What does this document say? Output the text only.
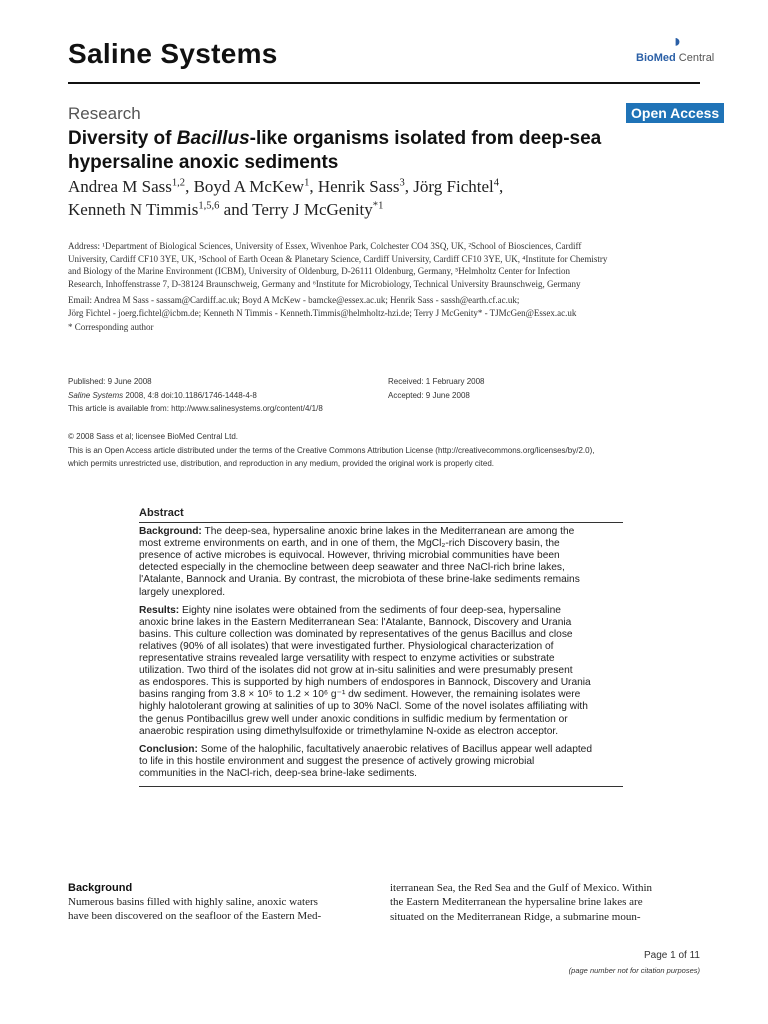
Saline Systems	◗
BioMed Central
Research	Open Access
Diversity of Bacillus-like organisms isolated from deep-sea
hypersaline anoxic sediments
Andrea M Sass$^{1,2}$, Boyd A McKew$^1$, Henrik Sass$^3$, Jörg Fichtel$^4$,
Kenneth N Timmis$^{1,5,6}$ and Terry J McGenity$^{*1}$
Address: ¹Department of Biological Sciences, University of Essex, Wivenhoe Park, Colchester CO4 3SQ, UK, ²School of Biosciences, Cardiff
University, Cardiff CF10 3YE, UK, ³School of Earth Ocean & Planetary Science, Cardiff University, Cardiff CF10 3YE, UK, ⁴Institute for Chemistry
and Biology of the Marine Environment (ICBM), University of Oldenburg, D-26111 Oldenburg, Germany, ⁵Helmholtz Center for Infection
Research, Inhoffenstrasse 7, D-38124 Braunschweig, Germany and ⁶Institute for Microbiology, Technical University Braunschweig, Germany
Email: Andrea M Sass - sassam@Cardiff.ac.uk; Boyd A McKew - bamcke@essex.ac.uk; Henrik Sass - sassh@earth.cf.ac.uk;
Jörg Fichtel - joerg.fichtel@icbm.de; Kenneth N Timmis - Kenneth.Timmis@helmholtz-hzi.de; Terry J McGenity* - TJMcGen@Essex.ac.uk
* Corresponding author
Published: 9 June 2008
Saline Systems 2008, 4:8 doi:10.1186/1746-1448-4-8
This article is available from: http://www.salinesystems.org/content/4/1/8
Received: 1 February 2008
Accepted: 9 June 2008
© 2008 Sass et al; licensee BioMed Central Ltd.
This is an Open Access article distributed under the terms of the Creative Commons Attribution License (http://creativecommons.org/licenses/by/2.0),
which permits unrestricted use, distribution, and reproduction in any medium, provided the original work is properly cited.
Abstract
Background: The deep-sea, hypersaline anoxic brine lakes in the Mediterranean are among the
most extreme environments on earth, and in one of them, the MgCl₂-rich Discovery basin, the
presence of active microbes is equivocal. However, thriving microbial communities have been
detected especially in the chemocline between deep seawater and three NaCl-rich brine lakes,
l'Atalante, Bannock and Urania. By contrast, the microbiota of these brine-lake sediments remains
largely unexplored.
Results: Eighty nine isolates were obtained from the sediments of four deep-sea, hypersaline
anoxic brine lakes in the Eastern Mediterranean Sea: l'Atalante, Bannock, Discovery and Urania
basins. This culture collection was dominated by representatives of the genus Bacillus and close
relatives (90% of all isolates) that were investigated further. Physiological characterization of
representative strains revealed large versatility with respect to enzyme activities or substrate
utilization. Two third of the isolates did not grow at in-situ salinities and were presumably present
as endospores. This is supported by high numbers of endospores in Bannock, Discovery and Urania
basins ranging from 3.8 × 10⁵ to 1.2 × 10⁶ g⁻¹ dw sediment. However, the remaining isolates were
highly halotolerant growing at salinities of up to 30% NaCl. Some of the novel isolates affiliating with
the genus Pontibacillus grew well under anoxic conditions in sulfidic medium by fermentation or
anaerobic respiration using dimethylsulfoxide or trimethylamine N-oxide as electron acceptor.
Conclusion: Some of the halophilic, facultatively anaerobic relatives of Bacillus appear well adapted
to life in this hostile environment and suggest the presence of actively growing microbial
communities in the NaCl-rich, deep-sea brine-lake sediments.
Background
Numerous basins filled with highly saline, anoxic waters
have been discovered on the seafloor of the Eastern Med-
iterranean Sea, the Red Sea and the Gulf of Mexico. Within
the Eastern Mediterranean the hypersaline brine lakes are
situated on the Mediterranean Ridge, a submarine moun-
Page 1 of 11
(page number not for citation purposes)
